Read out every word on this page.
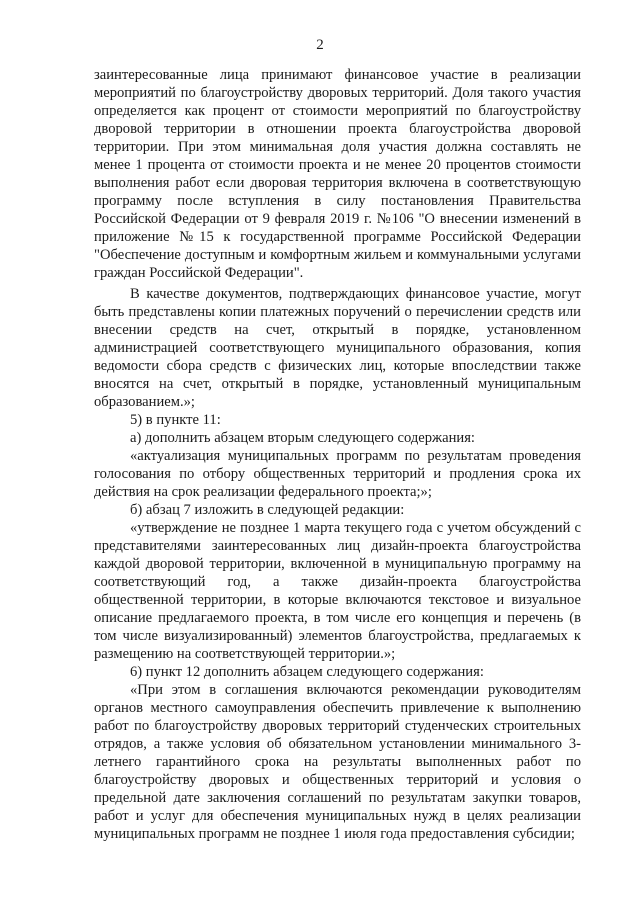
2

заинтересованные лица принимают финансовое участие в реализации мероприятий по благоустройству дворовых территорий. Доля такого участия определяется как процент от стоимости мероприятий по благоустройству дворовой территории в отношении проекта благоустройства дворовой территории. При этом минимальная доля участия должна составлять не менее 1 процента от стоимости проекта и не менее 20 процентов стоимости выполнения работ если дворовая территория включена в соответствующую программу после вступления в силу постановления Правительства Российской Федерации от 9 февраля 2019 г. №106 "О внесении изменений в приложение №15 к государственной программе Российской Федерации "Обеспечение доступным и комфортным жильем и коммунальными услугами граждан Российской Федерации".

В качестве документов, подтверждающих финансовое участие, могут быть представлены копии платежных поручений о перечислении средств или внесении средств на счет, открытый в порядке, установленном администрацией соответствующего муниципального образования, копия ведомости сбора средств с физических лиц, которые впоследствии также вносятся на счет, открытый в порядке, установленный муниципальным образованием.»;

5) в пункте 11:

а) дополнить абзацем вторым следующего содержания:

«актуализация муниципальных программ по результатам проведения голосования по отбору общественных территорий и продления срока их действия на срок реализации федерального проекта;»;

б) абзац 7 изложить в следующей редакции:

«утверждение не позднее 1 марта текущего года с учетом обсуждений с представителями заинтересованных лиц дизайн-проекта благоустройства каждой дворовой территории, включенной в муниципальную программу на соответствующий год, а также дизайн-проекта благоустройства общественной территории, в которые включаются текстовое и визуальное описание предлагаемого проекта, в том числе его концепция и перечень (в том числе визуализированный) элементов благоустройства, предлагаемых к размещению на соответствующей территории.»;

6) пункт 12 дополнить абзацем следующего содержания:

«При этом в соглашения включаются рекомендации руководителям органов местного самоуправления обеспечить привлечение к выполнению работ по благоустройству дворовых территорий студенческих строительных отрядов, а также условия об обязательном установлении минимального 3-летнего гарантийного срока на результаты выполненных работ по благоустройству дворовых и общественных территорий и условия о предельной дате заключения соглашений по результатам закупки товаров, работ и услуг для обеспечения муниципальных нужд в целях реализации муниципальных программ не позднее 1 июля года предоставления субсидии;
